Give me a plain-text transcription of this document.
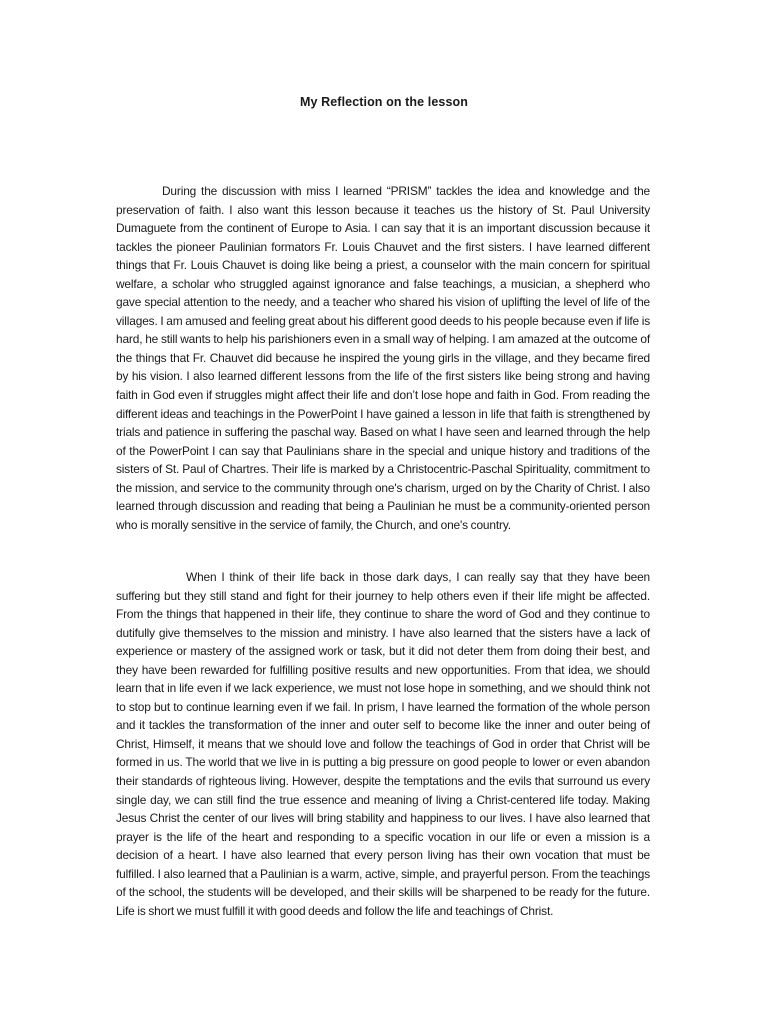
My Reflection on the lesson

During the discussion with miss I learned “PRISM” tackles the idea and knowledge and the preservation of faith. I also want this lesson because it teaches us the history of St. Paul University Dumaguete from the continent of Europe to Asia. I can say that it is an important discussion because it tackles the pioneer Paulinian formators Fr. Louis Chauvet and the first sisters. I have learned different things that Fr. Louis Chauvet is doing like being a priest, a counselor with the main concern for spiritual welfare, a scholar who struggled against ignorance and false teachings, a musician, a shepherd who gave special attention to the needy, and a teacher who shared his vision of uplifting the level of life of the villages. I am amused and feeling great about his different good deeds to his people because even if life is hard, he still wants to help his parishioners even in a small way of helping. I am amazed at the outcome of the things that Fr. Chauvet did because he inspired the young girls in the village, and they became fired by his vision. I also learned different lessons from the life of the first sisters like being strong and having faith in God even if struggles might affect their life and don’t lose hope and faith in God. From reading the different ideas and teachings in the PowerPoint I have gained a lesson in life that faith is strengthened by trials and patience in suffering the paschal way. Based on what I have seen and learned through the help of the PowerPoint I can say that Paulinians share in the special and unique history and traditions of the sisters of St. Paul of Chartres. Their life is marked by a Christocentric-Paschal Spirituality, commitment to the mission, and service to the community through one's charism, urged on by the Charity of Christ. I also learned through discussion and reading that being a Paulinian he must be a community-oriented person who is morally sensitive in the service of family, the Church, and one's country.

When I think of their life back in those dark days, I can really say that they have been suffering but they still stand and fight for their journey to help others even if their life might be affected. From the things that happened in their life, they continue to share the word of God and they continue to dutifully give themselves to the mission and ministry. I have also learned that the sisters have a lack of experience or mastery of the assigned work or task, but it did not deter them from doing their best, and they have been rewarded for fulfilling positive results and new opportunities. From that idea, we should learn that in life even if we lack experience, we must not lose hope in something, and we should think not to stop but to continue learning even if we fail. In prism, I have learned the formation of the whole person and it tackles the transformation of the inner and outer self to become like the inner and outer being of Christ, Himself, it means that we should love and follow the teachings of God in order that Christ will be formed in us. The world that we live in is putting a big pressure on good people to lower or even abandon their standards of righteous living. However, despite the temptations and the evils that surround us every single day, we can still find the true essence and meaning of living a Christ-centered life today. Making Jesus Christ the center of our lives will bring stability and happiness to our lives. I have also learned that prayer is the life of the heart and responding to a specific vocation in our life or even a mission is a decision of a heart. I have also learned that every person living has their own vocation that must be fulfilled. I also learned that a Paulinian is a warm, active, simple, and prayerful person. From the teachings of the school, the students will be developed, and their skills will be sharpened to be ready for the future. Life is short we must fulfill it with good deeds and follow the life and teachings of Christ.
